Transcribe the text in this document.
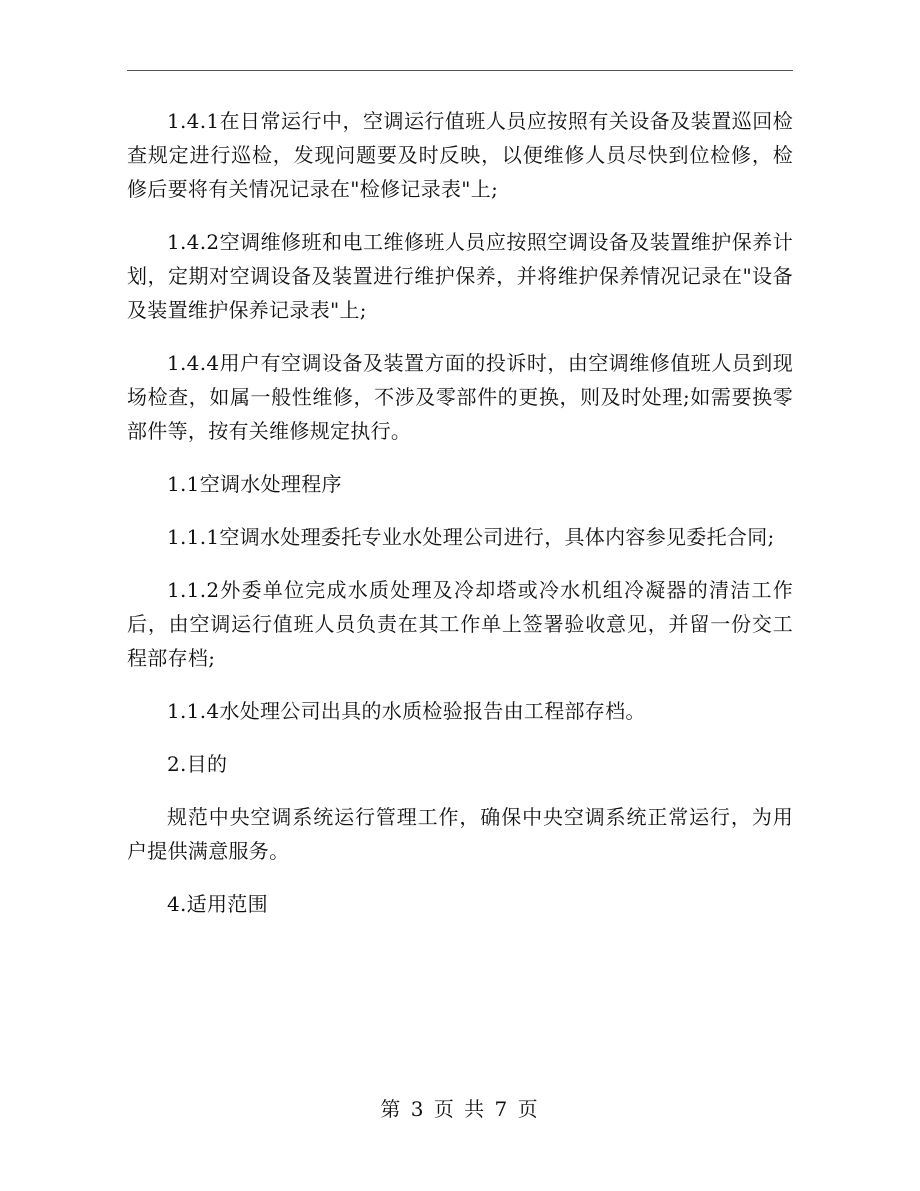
1.4.1在日常运行中，空调运行值班人员应按照有关设备及装置巡回检查规定进行巡检，发现问题要及时反映，以便维修人员尽快到位检修，检修后要将有关情况记录在"检修记录表"上;

1.4.2空调维修班和电工维修班人员应按照空调设备及装置维护保养计划，定期对空调设备及装置进行维护保养，并将维护保养情况记录在"设备及装置维护保养记录表"上;

1.4.4用户有空调设备及装置方面的投诉时，由空调维修值班人员到现场检查，如属一般性维修，不涉及零部件的更换，则及时处理;如需要换零部件等，按有关维修规定执行。

1.1空调水处理程序

1.1.1空调水处理委托专业水处理公司进行，具体内容参见委托合同;

1.1.2外委单位完成水质处理及冷却塔或冷水机组冷凝器的清洁工作后，由空调运行值班人员负责在其工作单上签署验收意见，并留一份交工程部存档;

1.1.4水处理公司出具的水质检验报告由工程部存档。

2.目的

规范中央空调系统运行管理工作，确保中央空调系统正常运行，为用户提供满意服务。

4.适用范围

第 3 页 共 7 页
